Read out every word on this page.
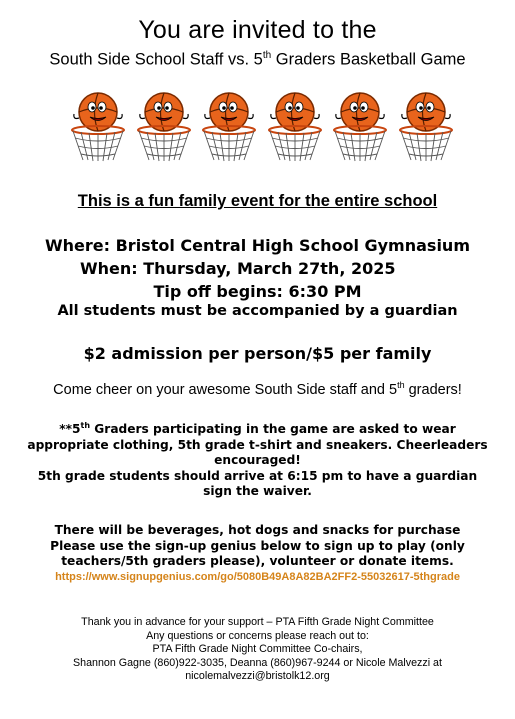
You are invited to the
South Side School Staff vs. 5th Graders Basketball Game
This is a fun family event for the entire school
Where: Bristol Central High School Gymnasium
When: Thursday, March 27th, 2025
Tip off begins: 6:30 PM
All students must be accompanied by a guardian
$2 admission per person/$5 per family
Come cheer on your awesome South Side staff and 5th graders!
**5th Graders participating in the game are asked to wear
appropriate clothing, 5th grade t-shirt and sneakers. Cheerleaders
encouraged!
5th grade students should arrive at 6:15 pm to have a guardian
sign the waiver.
There will be beverages, hot dogs and snacks for purchase
Please use the sign-up genius below to sign up to play (only
teachers/5th graders please), volunteer or donate items.
https://www.signupgenius.com/go/5080B49A8A82BA2FF2-55032617-5thgrade
Thank you in advance for your support – PTA Fifth Grade Night Committee
Any questions or concerns please reach out to:
PTA Fifth Grade Night Committee Co-chairs,
Shannon Gagne (860)922-3035, Deanna (860)967-9244 or Nicole Malvezzi at
nicolemalvezzi@bristolk12.org
